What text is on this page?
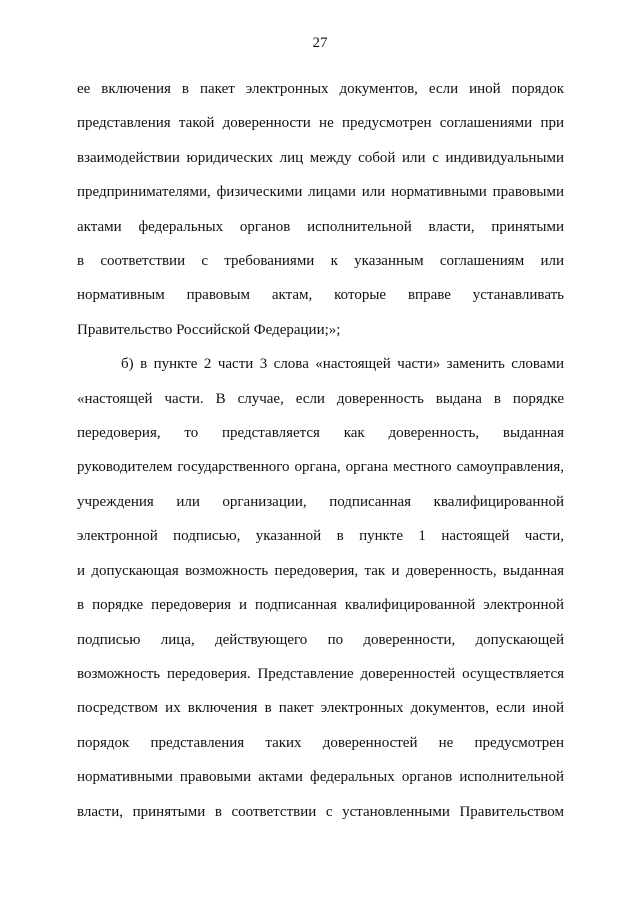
27
ее включения в пакет электронных документов, если иной порядок
представления такой доверенности не предусмотрен соглашениями при
взаимодействии юридических лиц между собой или с индивидуальными
предпринимателями, физическими лицами или нормативными правовыми
актами федеральных органов исполнительной власти, принятыми
в соответствии с требованиями к указанным соглашениям или
нормативным правовым актам, которые вправе устанавливать
Правительство Российской Федерации;»;
б) в пункте 2 части 3 слова «настоящей части» заменить словами
«настоящей части. В случае, если доверенность выдана в порядке
передоверия, то представляется как доверенность, выданная
руководителем государственного органа, органа местного самоуправления,
учреждения или организации, подписанная квалифицированной
электронной подписью, указанной в пункте 1 настоящей части,
и допускающая возможность передоверия, так и доверенность, выданная
в порядке передоверия и подписанная квалифицированной электронной
подписью лица, действующего по доверенности, допускающей
возможность передоверия. Представление доверенностей осуществляется
посредством их включения в пакет электронных документов, если иной
порядок представления таких доверенностей не предусмотрен
нормативными правовыми актами федеральных органов исполнительной
власти, принятыми в соответствии с установленными Правительством
